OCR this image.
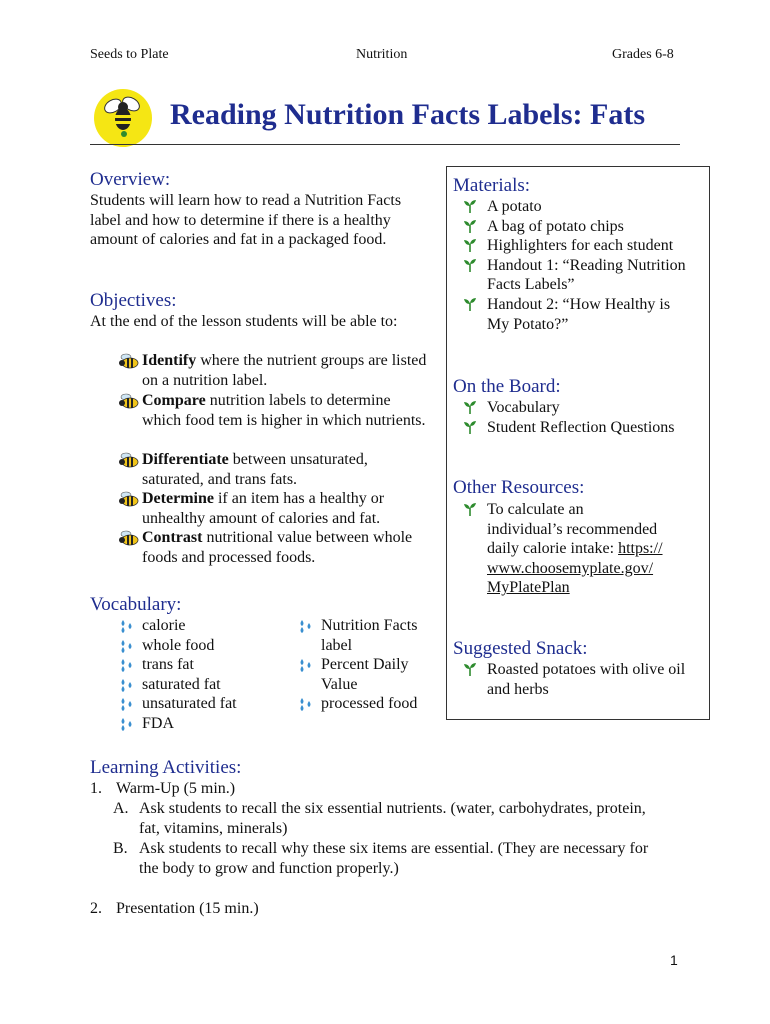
Seeds to Plate	Nutrition	Grades 6-8
Reading Nutrition Facts Labels: Fats
Overview:
Students will learn how to read a Nutrition Facts label and how to determine if there is a healthy amount of calories and fat in a packaged food.
Objectives:
At the end of the lesson students will be able to:
Identify where the nutrient groups are listed on a nutrition label.
Compare nutrition labels to determine which food tem is higher in which nutrients.
Differentiate between unsaturated, saturated, and trans fats.
Determine if an item has a healthy or unhealthy amount of calories and fat.
Contrast nutritional value between whole foods and processed foods.
Vocabulary:
calorie
whole food
trans fat
saturated fat
unsaturated fat
FDA
Nutrition Facts label
Percent Daily Value
processed food
Materials:
A potato
A bag of potato chips
Highlighters for each student
Handout 1: “Reading Nutrition Facts Labels”
Handout 2: “How Healthy is My Potato?”
On the Board:
Vocabulary
Student Reflection Questions
Other Resources:
To calculate an individual’s recommended daily calorie intake: https://www.choosemyplate.gov/MyPlatePlan
Suggested Snack:
Roasted potatoes with olive oil and herbs
Learning Activities:
1. Warm-Up (5 min.)
A. Ask students to recall the six essential nutrients. (water, carbohydrates, protein, fat, vitamins, minerals)
B. Ask students to recall why these six items are essential. (They are necessary for the body to grow and function properly.)
2. Presentation (15 min.)
1
